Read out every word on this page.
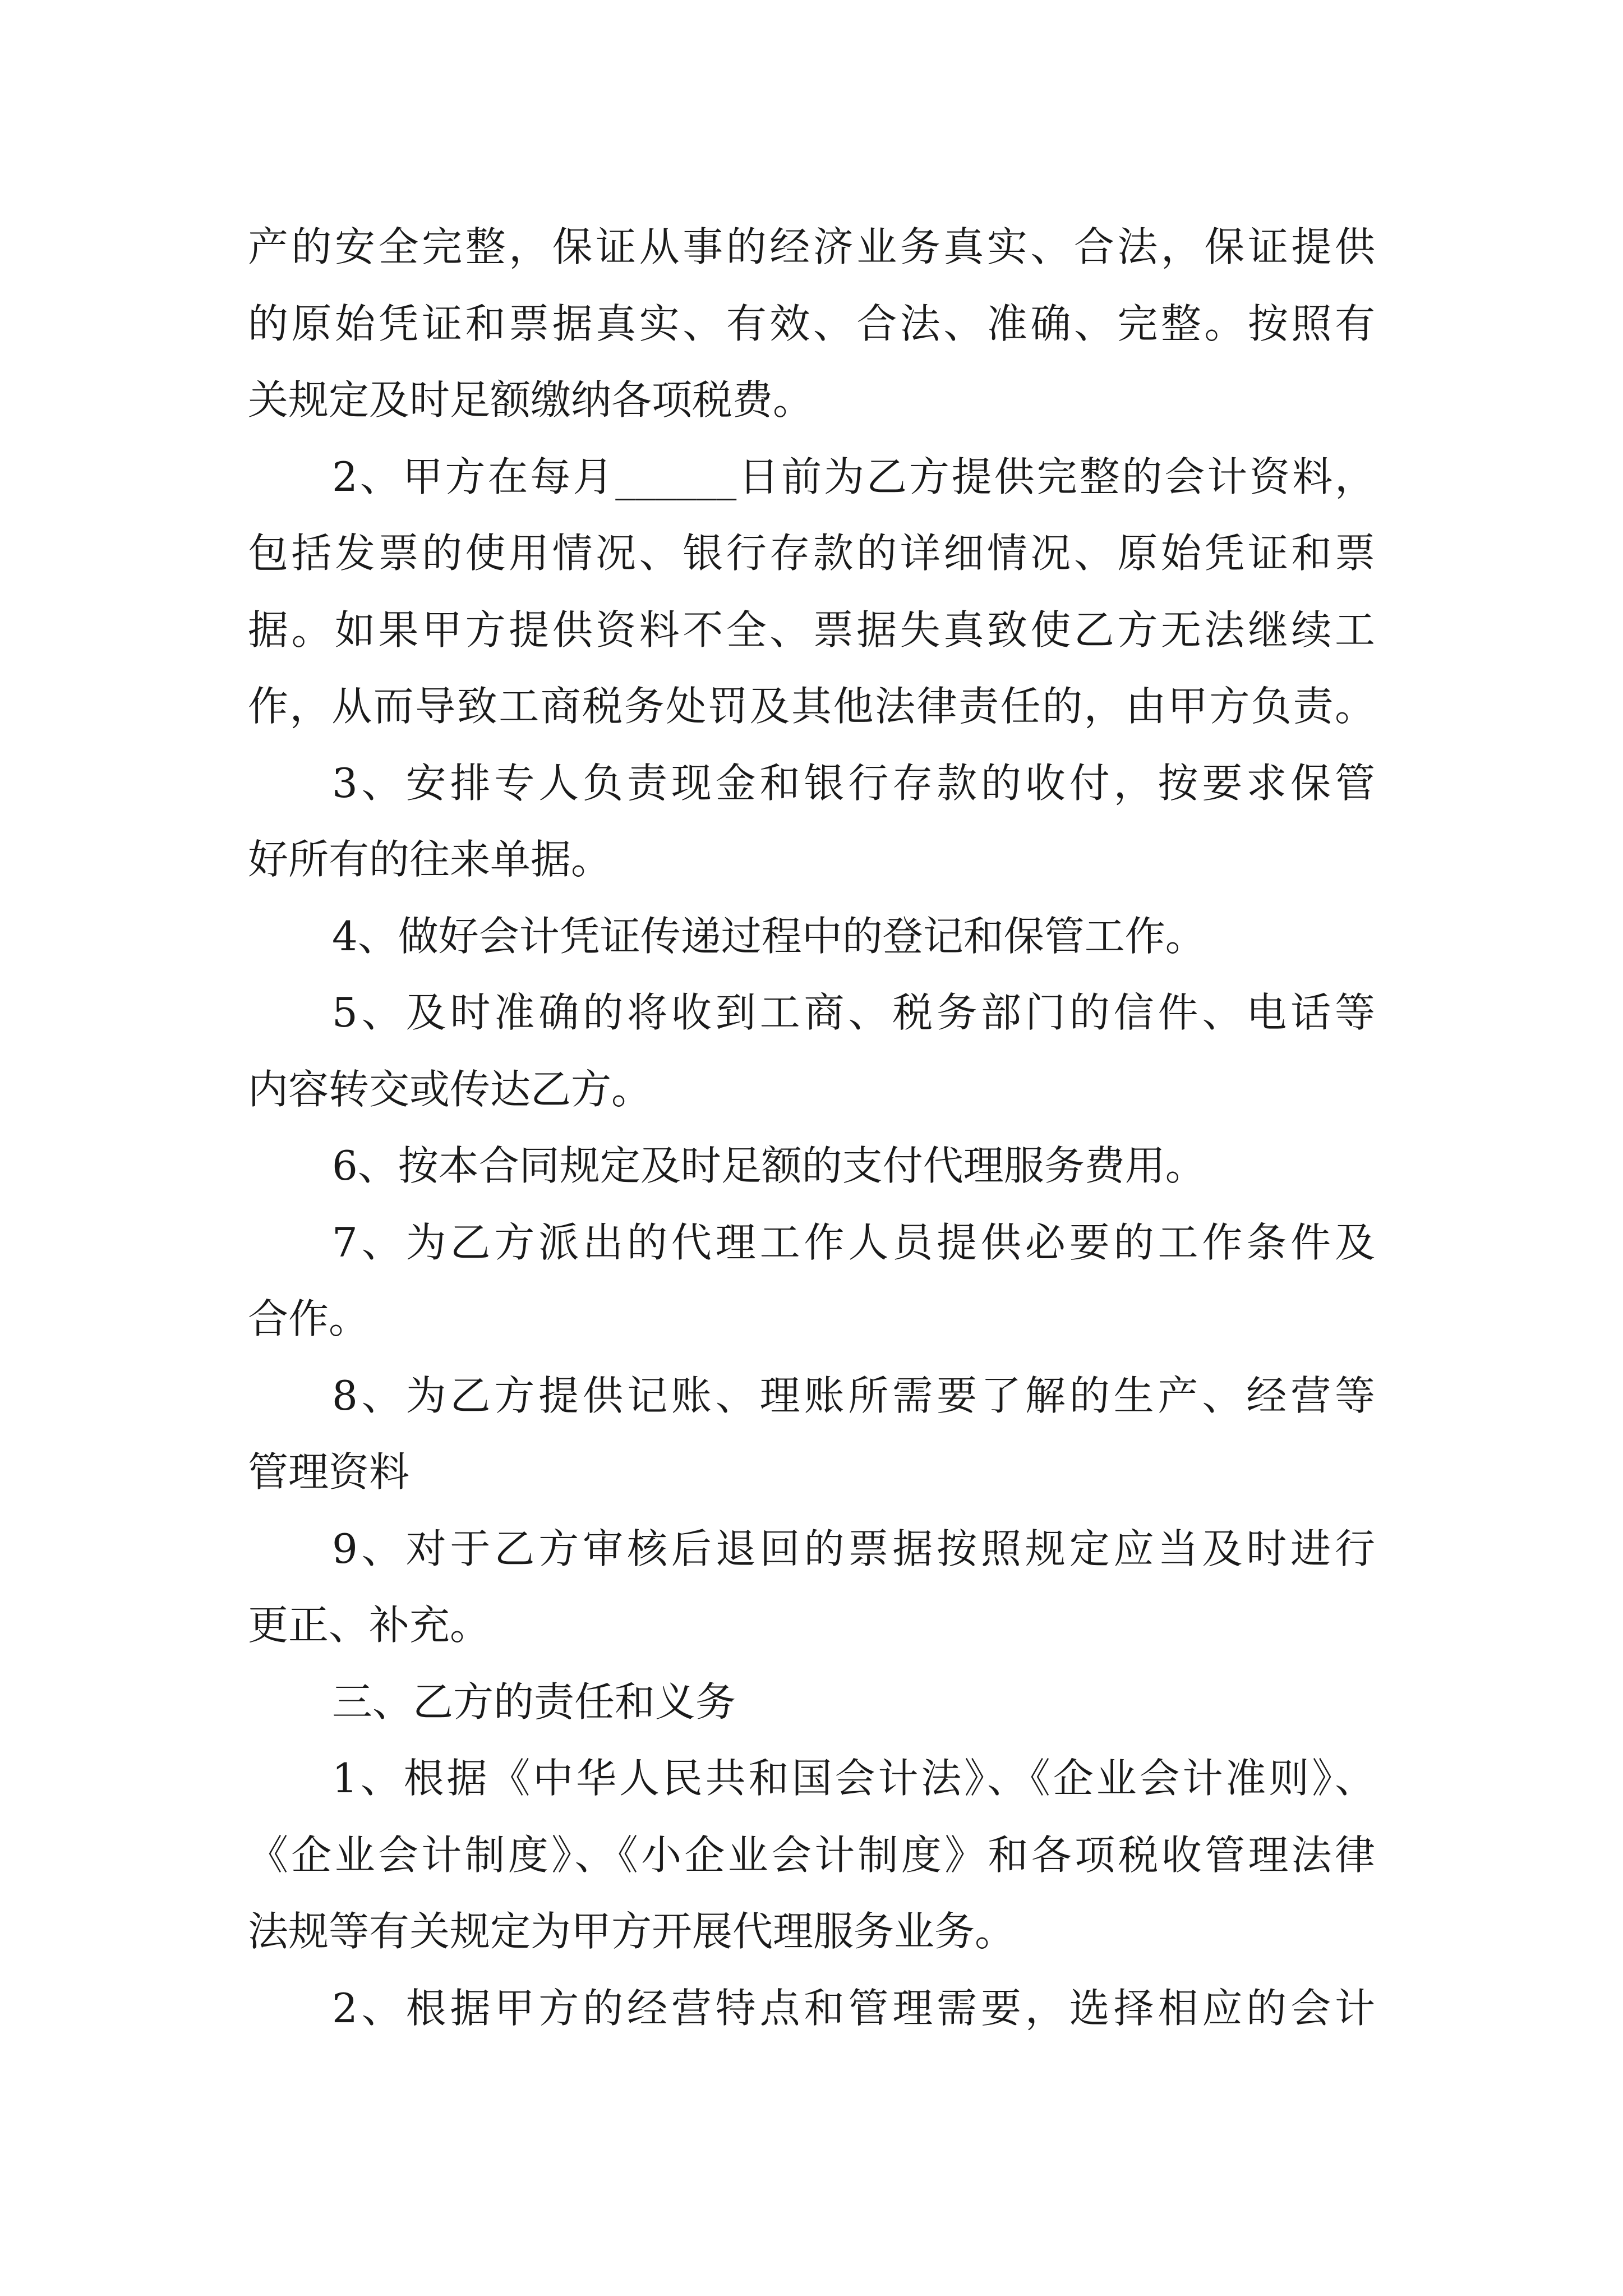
产的安全完整，保证从事的经济业务真实、合法，保证提供
的原始凭证和票据真实、有效、合法、准确、完整。按照有
关规定及时足额缴纳各项税费。
2、甲方在每月______日前为乙方提供完整的会计资料，
包括发票的使用情况、银行存款的详细情况、原始凭证和票
据。如果甲方提供资料不全、票据失真致使乙方无法继续工
作，从而导致工商税务处罚及其他法律责任的，由甲方负责。
3、安排专人负责现金和银行存款的收付，按要求保管
好所有的往来单据。
4、做好会计凭证传递过程中的登记和保管工作。
5、及时准确的将收到工商、税务部门的信件、电话等
内容转交或传达乙方。
6、按本合同规定及时足额的支付代理服务费用。
7、为乙方派出的代理工作人员提供必要的工作条件及
合作。
8、为乙方提供记账、理账所需要了解的生产、经营等
管理资料
9、对于乙方审核后退回的票据按照规定应当及时进行
更正、补充。
三、乙方的责任和义务
1、根据《中华人民共和国会计法》、《企业会计准则》、
《企业会计制度》、《小企业会计制度》和各项税收管理法律
法规等有关规定为甲方开展代理服务业务。
2、根据甲方的经营特点和管理需要，选择相应的会计
